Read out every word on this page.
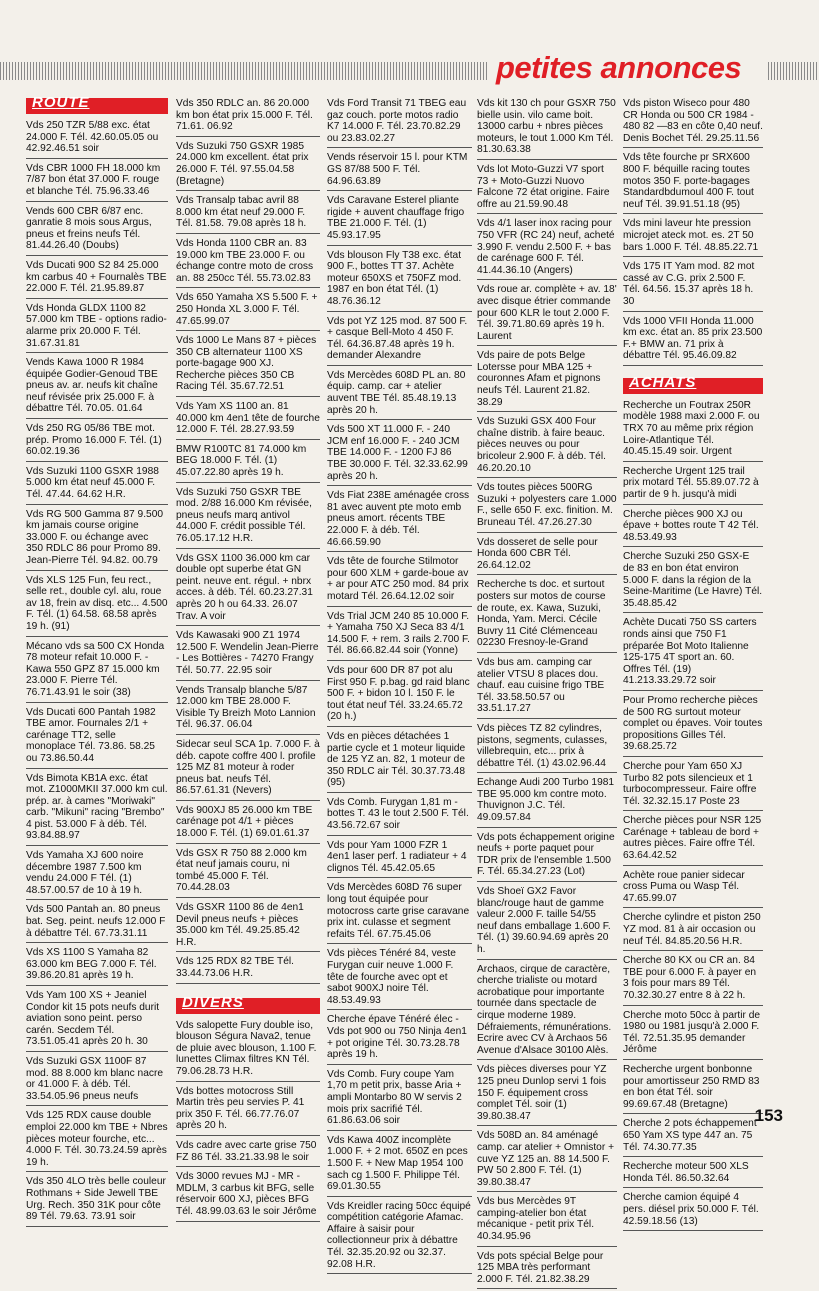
petites annonces
ROUTE
Vds 250 TZR 5/88 exc. état 24.000 F. Tél. 42.60.05.05 ou 42.92.46.51 soir
Vds CBR 1000 FH 18.000 km 7/87 bon état 37.000 F. rouge et blanche Tél. 75.96.33.46
Vends 600 CBR 6/87 enc. ganratie 8 mois sous Argus, pneus et freins neufs Tél. 81.44.26.40 (Doubs)
Vds Ducati 900 S2 84 25.000 km carbus 40 + Fournalès TBE 22.000 F. Tél. 21.95.89.87
Vds Honda GLDX 1100 82 57.000 km TBE - options radio-alarme prix 20.000 F. Tél. 31.67.31.81
Vends Kawa 1000 R 1984 équipée Godier-Genoud TBE pneus av. ar. neufs kit chaîne neuf révisée prix 25.000 F. à débattre Tél. 70.05. 01.64
Vds 250 RG 05/86 TBE mot. prép. Promo 16.000 F. Tél. (1) 60.02.19.36
Vds Suzuki 1100 GSXR 1988 5.000 km état neuf 45.000 F. Tél. 47.44. 64.62 H.R.
Vds RG 500 Gamma 87 9.500 km jamais course origine 33.000 F. ou échange avec 350 RDLC 86 pour Promo 89. Jean-Pierre Tél. 94.82. 00.79
Vds XLS 125 Fun, feu rect., selle ret., double cyl. alu, roue av 18, frein av disq. etc... 4.500 F. Tél. (1) 64.58. 68.58 après 19 h. (91)
Mécano vds sa 500 CX Honda 78 moteur refait 10.000 F. - Kawa 550 GPZ 87 15.000 km 23.000 F. Pierre Tél. 76.71.43.91 le soir (38)
Vds Ducati 600 Pantah 1982 TBE amor. Fournales 2/1 + carénage TT2, selle monoplace Tél. 73.86. 58.25 ou 73.86.50.44
Vds Bimota KB1A exc. état mot. Z1000MKII 37.000 km cul. prép. ar. à cames "Moriwaki" carb. "Mikuni" racing "Brembo" 4 pist. 53.000 F à déb. Tél. 93.84.88.97
Vds Yamaha XJ 600 noire décembre 1987 7.500 km vendu 24.000 F Tél. (1) 48.57.00.57 de 10 à 19 h.
Vds 500 Pantah an. 80 pneus bat. Seg. peint. neufs 12.000 F à débattre Tél. 67.73.31.11
Vds XS 1100 S Yamaha 82 63.000 km BEG 7.000 F. Tél. 39.86.20.81 après 19 h.
Vds Yam 100 XS + Jeaniel Condor kit 15 pots neufs durit aviation sono peint. perso carén. Secdem Tél. 73.51.05.41 après 20 h. 30
Vds Suzuki GSX 1100F 87 mod. 88 8.000 km blanc nacre or 41.000 F. à déb. Tél. 33.54.05.96 pneus neufs
Vds 125 RDX cause double emploi 22.000 km TBE + Nbres pièces moteur fourche, etc... 4.000 F. Tél. 30.73.24.59 après 19 h.
Vds 350 4LO très belle couleur Rothmans + Side Jewell TBE Urg. Rech. 350 31K pour côte 89 Tél. 79.63. 73.91 soir
Vds 350 RDLC an. 86 20.000 km bon état prix 15.000 F. Tél. 71.61. 06.92
Vds Suzuki 750 GSXR 1985 24.000 km excellent. état prix 26.000 F. Tél. 97.55.04.58 (Bretagne)
Vds Transalp tabac avril 88 8.000 km état neuf 29.000 F. Tél. 81.58. 79.08 après 18 h.
Vds Honda 1100 CBR an. 83 19.000 km TBE 23.000 F. ou échange contre moto de cross an. 88 250cc Tél. 55.73.02.83
Vds 650 Yamaha XS 5.500 F. + 250 Honda XL 3.000 F. Tél. 47.65.99.07
Vds 1000 Le Mans 87 + pièces 350 CB alternateur 1100 XS porte-bagage 900 XJ. Recherche pièces 350 CB Racing Tél. 35.67.72.51
Vds Yam XS 1100 an. 81 40.000 km 4en1 tête de fourche 12.000 F. Tél. 28.27.93.59
BMW R100TC 81 74.000 km BEG 18.000 F. Tél. (1) 45.07.22.80 après 19 h.
Vds Suzuki 750 GSXR TBE mod. 2/88 16.000 Km révisée, pneus neufs marq antivol 44.000 F. crédit possible Tél. 76.05.17.12 H.R.
Vds GSX 1100 36.000 km car double opt superbe état GN peint. neuve ent. régul. + nbrx acces. à déb. Tél. 60.23.27.31 après 20 h ou 64.33. 26.07 Trav. A voir
Vds Kawasaki 900 Z1 1974 12.500 F. Wendelin Jean-Pierre - Les Bottières - 74270 Frangy Tél. 50.77. 22.95 soir
Vends Transalp blanche 5/87 12.000 km TBE 28.000 F. Visible Ty Breizh Moto Lannion Tél. 96.37. 06.04
Sidecar seul SCA 1p. 7.000 F. à déb. capote coffre 400 l. profile 125 MZ 81 moteur à roder pneus bat. neufs Tél. 86.57.61.31 (Nevers)
Vds 900XJ 85 26.000 km TBE carénage pot 4/1 + pièces 18.000 F. Tél. (1) 69.01.61.37
Vds GSX R 750 88 2.000 km état neuf jamais couru, ni tombé 45.000 F. Tél. 70.44.28.03
Vds GSXR 1100 86 de 4en1 Devil pneus neufs + pièces 35.000 km Tél. 49.25.85.42 H.R.
Vds 125 RDX 82 TBE Tél. 33.44.73.06 H.R.
DIVERS
Vds salopette Fury double iso, blouson Ségura Nava2, tenue de pluie avec blouson, 1.100 F. lunettes Climax filtres KN Tél. 79.06.28.73 H.R.
Vds bottes motocross Still Martin très peu servies P. 41 prix 350 F. Tél. 66.77.76.07 après 20 h.
Vds cadre avec carte grise 750 FZ 86 Tél. 33.21.33.98 le soir
Vds 3000 revues MJ - MR - MDLM, 3 carbus kit BFG, selle réservoir 600 XJ, pièces BFG Tél. 48.99.03.63 le soir Jérôme
Vds Ford Transit 71 TBEG eau gaz couch. porte motos radio K7 14.000 F. Tél. 23.70.82.29 ou 23.83.02.27
Vends réservoir 15 l. pour KTM GS 87/88 500 F. Tél. 64.96.63.89
Vds Caravane Esterel pliante rigide + auvent chauffage frigo TBE 21.000 F. Tél. (1) 45.93.17.95
Vds blouson Fly T38 exc. état 900 F., bottes TT 37. Achète moteur 650XS et 750FZ mod. 1987 en bon état Tél. (1) 48.76.36.12
Vds pot YZ 125 mod. 87 500 F. + casque Bell-Moto 4 450 F. Tél. 64.36.87.48 après 19 h. demander Alexandre
Vds Mercèdes 608D PL an. 80 équip. camp. car + atelier auvent TBE Tél. 85.48.19.13 après 20 h.
Vds 500 XT 11.000 F. - 240 JCM enf 16.000 F. - 240 JCM TBE 14.000 F. - 1200 FJ 86 TBE 30.000 F. Tél. 32.33.62.99 après 20 h.
Vds Fiat 238E aménagée cross 81 avec auvent pte moto emb pneus amort. récents TBE 22.000 F. à déb. Tél. 46.66.59.90
Vds tête de fourche Stilmotor pour 600 XLM + garde-boue av + ar pour ATC 250 mod. 84 prix motard Tél. 26.64.12.02 soir
Vds Trial JCM 240 85 10.000 F. + Yamaha 750 XJ Seca 83 4/1 14.500 F. + rem. 3 rails 2.700 F. Tél. 86.66.82.44 soir (Yonne)
Vds pour 600 DR 87 pot alu First 950 F. p.bag. gd raid blanc 500 F. + bidon 10 l. 150 F. le tout état neuf Tél. 33.24.65.72 (20 h.)
Vds en pièces détachées 1 partie cycle et 1 moteur liquide de 125 YZ an. 82, 1 moteur de 350 RDLC air Tél. 30.37.73.48 (95)
Vds Comb. Furygan 1,81 m - bottes T. 43 le tout 2.500 F. Tél. 43.56.72.67 soir
Vds pour Yam 1000 FZR 1 4en1 laser perf. 1 radiateur + 4 clignos Tél. 45.42.05.65
Vds Mercèdes 608D 76 super long tout équipée pour motocross carte grise caravane prix int. culasse et segment refaits Tél. 67.75.45.06
Vds pièces Ténéré 84, veste Furygan cuir neuve 1.000 F. tête de fourche avec opt et sabot 900XJ noire Tél. 48.53.49.93
Cherche épave Ténéré élec - Vds pot 900 ou 750 Ninja 4en1 + pot origine Tél. 30.73.28.78 après 19 h.
Vds Comb. Fury coupe Yam 1,70 m petit prix, basse Aria + ampli Montarbo 80 W servis 2 mois prix sacrifié Tél. 61.86.63.06 soir
Vds Kawa 400Z incomplète 1.000 F. + 2 mot. 650Z en pces 1.500 F. + New Map 1954 100 sach cg 1.500 F. Philippe Tél. 69.01.30.55
Vds Kreidler racing 50cc équipé compétition catégorie Afamac. Affaire à saisir pour collectionneur prix à débattre Tél. 32.35.20.92 ou 32.37. 92.08 H.R.
Vds kit 130 ch pour GSXR 750 bielle usin. vilo came boit. 13000 carbu + nbres pièces moteurs, le tout 1.000 Km Tél. 81.30.63.38
Vds lot Moto-Guzzi V7 sport 73 + Moto-Guzzi Nuovo Falcone 72 état origine. Faire offre au 21.59.90.48
Vds 4/1 laser inox racing pour 750 VFR (RC 24) neuf, acheté 3.990 F. vendu 2.500 F. + bas de carénage 600 F. Tél. 41.44.36.10 (Angers)
Vds roue ar. complète + av. 18' avec disque étrier commande pour 600 KLR le tout 2.000 F. Tél. 39.71.80.69 après 19 h. Laurent
Vds paire de pots Belge Lotersse pour MBA 125 + couronnes Afam et pignons neufs Tél. Laurent 21.82. 38.29
Vds Suzuki GSX 400 Four chaîne distrib. à faire beauc. pièces neuves ou pour bricoleur 2.900 F. à déb. Tél. 46.20.20.10
Vds toutes pièces 500RG Suzuki + polyesters care 1.000 F., selle 650 F. exc. finition. M. Bruneau Tél. 47.26.27.30
Vds dosseret de selle pour Honda 600 CBR Tél. 26.64.12.02
Recherche ts doc. et surtout posters sur motos de course de route, ex. Kawa, Suzuki, Honda, Yam. Merci. Cécile Buvry 11 Cité Clémenceau 02230 Fresnoy-le-Grand
Vds bus am. camping car atelier VTSU 8 places dou. chauf. eau cuisine frigo TBE Tél. 33.58.50.57 ou 33.51.17.27
Vds pièces TZ 82 cylindres, pistons, segments, culasses, villebrequin, etc... prix à débattre Tél. (1) 43.02.96.44
Echange Audi 200 Turbo 1981 TBE 95.000 km contre moto. Thuvignon J.C. Tél. 49.09.57.84
Vds pots échappement origine neufs + porte paquet pour TDR prix de l'ensemble 1.500 F. Tél. 65.34.27.23 (Lot)
Vds Shoeï GX2 Favor blanc/rouge haut de gamme valeur 2.000 F. taille 54/55 neuf dans emballage 1.600 F. Tél. (1) 39.60.94.69 après 20 h.
Archaos, cirque de caractère, cherche trialiste ou motard acrobatique pour importante tournée dans spectacle de cirque moderne 1989. Défraiements, rémunérations. Ecrire avec CV à Archaos 56 Avenue d'Alsace 30100 Alès.
Vds pièces diverses pour YZ 125 pneu Dunlop servi 1 fois 150 F. équipement cross complet Tél. soir (1) 39.80.38.47
Vds 508D an. 84 aménagé camp. car atelier + Omnistor + cuve YZ 125 an. 88 14.500 F. PW 50 2.800 F. Tél. (1) 39.80.38.47
Vds bus Mercèdes 9T camping-atelier bon état mécanique - petit prix Tél. 40.34.95.96
Vds pots spécial Belge pour 125 MBA très performant 2.000 F. Tél. 21.82.38.29
Vds piston Wiseco pour 480 CR Honda ou 500 CR 1984 - 480 82 —83 en côte 0,40 neuf. Denis Bochet Tél. 29.25.11.56
Vds tête fourche pr SRX600 800 F. béquille racing toutes motos 350 F. porte-bagages Standardbdumoul 400 F. tout neuf Tél. 39.91.51.18 (95)
Vds mini laveur hte pression microjet ateck mot. es. 2T 50 bars 1.000 F. Tél. 48.85.22.71
Vds 175 IT Yam mod. 82 mot cassé av C.G. prix 2.500 F. Tél. 64.56. 15.37 après 18 h. 30
Vds 1000 VFII Honda 11.000 km exc. état an. 85 prix 23.500 F.+ BMW an. 71 prix à débattre Tél. 95.46.09.82
ACHATS
Recherche un Foutrax 250R modèle 1988 maxi 2.000 F. ou TRX 70 au même prix région Loire-Atlantique Tél. 40.45.15.49 soir. Urgent
Recherche Urgent 125 trail prix motard Tél. 55.89.07.72 à partir de 9 h. jusqu'à midi
Cherche pièces 900 XJ ou épave + bottes route T 42 Tél. 48.53.49.93
Cherche Suzuki 250 GSX-E de 83 en bon état environ 5.000 F. dans la région de la Seine-Maritime (Le Havre) Tél. 35.48.85.42
Achète Ducati 750 SS carters ronds ainsi que 750 F1 préparée Bot Moto Italienne 125-175 4T sport an. 60. Offres Tél. (19) 41.213.33.29.72 soir
Pour Promo recherche pièces de 500 RG surtout moteur complet ou épaves. Voir toutes propositions Gilles Tél. 39.68.25.72
Cherche pour Yam 650 XJ Turbo 82 pots silencieux et 1 turbocompresseur. Faire offre Tél. 32.32.15.17 Poste 23
Cherche pièces pour NSR 125 Carénage + tableau de bord + autres pièces. Faire offre Tél. 63.64.42.52
Achète roue panier sidecar cross Puma ou Wasp Tél. 47.65.99.07
Cherche cylindre et piston 250 YZ mod. 81 à air occasion ou neuf Tél. 84.85.20.56 H.R.
Cherche 80 KX ou CR an. 84 TBE pour 6.000 F. à payer en 3 fois pour mars 89 Tél. 70.32.30.27 entre 8 à 22 h.
Cherche moto 50cc à partir de 1980 ou 1981 jusqu'à 2.000 F. Tél. 72.51.35.95 demander Jérôme
Recherche urgent bonbonne pour amortisseur 250 RMD 83 en bon état Tél. soir 99.69.67.48 (Bretagne)
Cherche 2 pots échappement 650 Yam XS type 447 an. 75 Tél. 74.30.77.35
Recherche moteur 500 XLS Honda Tél. 86.50.32.64
Cherche camion équipé 4 pers. diésel prix 50.000 F. Tél. 42.59.18.56 (13)
153
